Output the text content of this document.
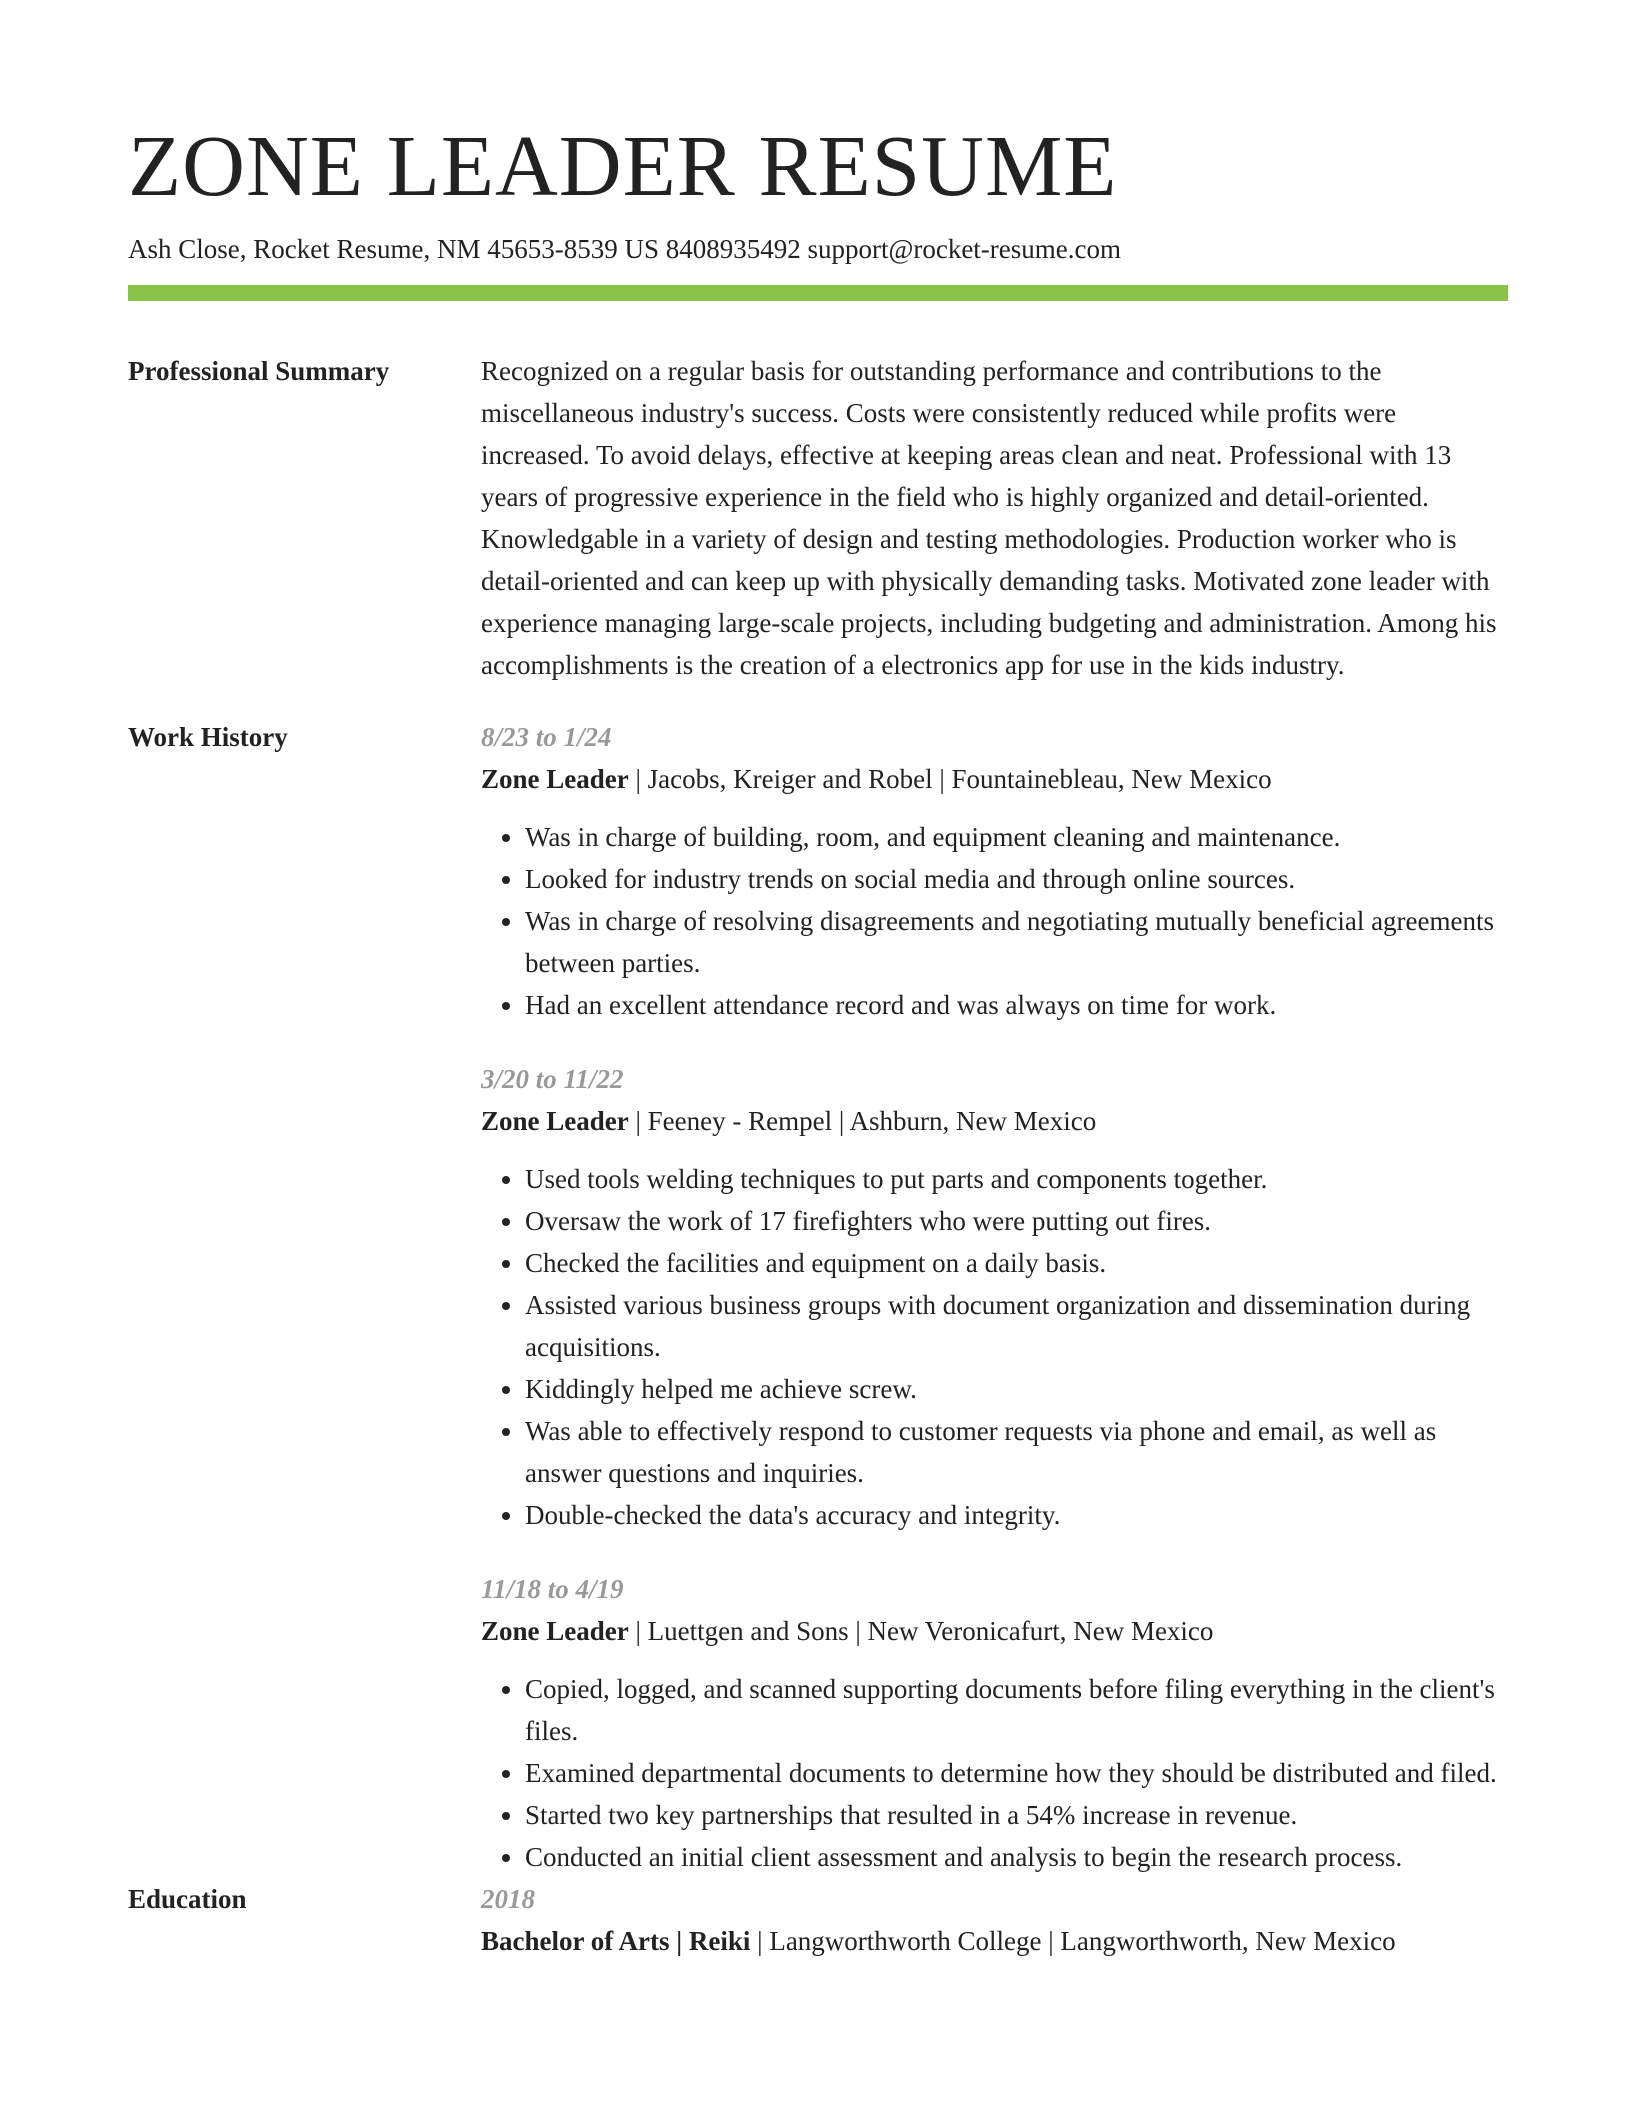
ZONE LEADER RESUME
Ash Close, Rocket Resume, NM 45653-8539 US 8408935492 support@rocket-resume.com
Professional Summary	Recognized on a regular basis for outstanding performance and contributions to the miscellaneous industry's success. Costs were consistently reduced while profits were increased. To avoid delays, effective at keeping areas clean and neat. Professional with 13 years of progressive experience in the field who is highly organized and detail-oriented. Knowledgable in a variety of design and testing methodologies. Production worker who is detail-oriented and can keep up with physically demanding tasks. Motivated zone leader with experience managing large-scale projects, including budgeting and administration. Among his accomplishments is the creation of a electronics app for use in the kids industry.
Work History	8/23 to 1/24
Zone Leader | Jacobs, Kreiger and Robel | Fountainebleau, New Mexico
• Was in charge of building, room, and equipment cleaning and maintenance.
• Looked for industry trends on social media and through online sources.
• Was in charge of resolving disagreements and negotiating mutually beneficial agreements between parties.
• Had an excellent attendance record and was always on time for work.
3/20 to 11/22
Zone Leader | Feeney - Rempel | Ashburn, New Mexico
• Used tools welding techniques to put parts and components together.
• Oversaw the work of 17 firefighters who were putting out fires.
• Checked the facilities and equipment on a daily basis.
• Assisted various business groups with document organization and dissemination during acquisitions.
• Kiddingly helped me achieve screw.
• Was able to effectively respond to customer requests via phone and email, as well as answer questions and inquiries.
• Double-checked the data's accuracy and integrity.
11/18 to 4/19
Zone Leader | Luettgen and Sons | New Veronicafurt, New Mexico
• Copied, logged, and scanned supporting documents before filing everything in the client's files.
• Examined departmental documents to determine how they should be distributed and filed.
• Started two key partnerships that resulted in a 54% increase in revenue.
• Conducted an initial client assessment and analysis to begin the research process.
Education	2018
Bachelor of Arts | Reiki | Langworthworth College | Langworthworth, New Mexico
